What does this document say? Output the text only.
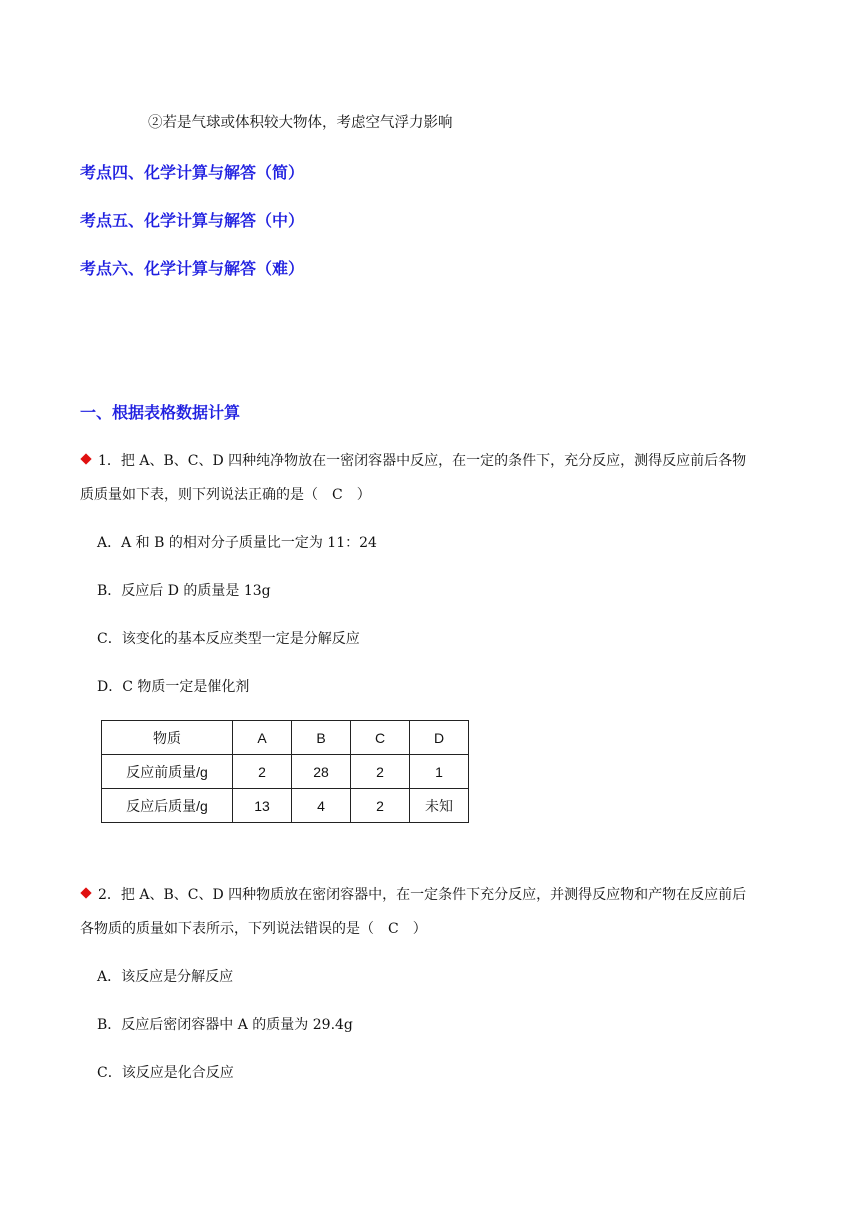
②若是气球或体积较大物体，考虑空气浮力影响
考点四、化学计算与解答（简）
考点五、化学计算与解答（中）
考点六、化学计算与解答（难）
一、根据表格数据计算
1．把 A、B、C、D 四种纯净物放在一密闭容器中反应，在一定的条件下，充分反应，测得反应前后各物
质质量如下表，则下列说法正确的是（　C　）
A．A 和 B 的相对分子质量比一定为 11：24
B．反应后 D 的质量是 13g
C．该变化的基本反应类型一定是分解反应
D．C 物质一定是催化剂
物质	A	B	C	D
反应前质量/g	2	28	2	1
反应后质量/g	13	4	2	未知
2．把 A、B、C、D 四种物质放在密闭容器中，在一定条件下充分反应，并测得反应物和产物在反应前后
各物质的质量如下表所示，下列说法错误的是（　C　）
A．该反应是分解反应
B．反应后密闭容器中 A 的质量为 29.4g
C．该反应是化合反应
